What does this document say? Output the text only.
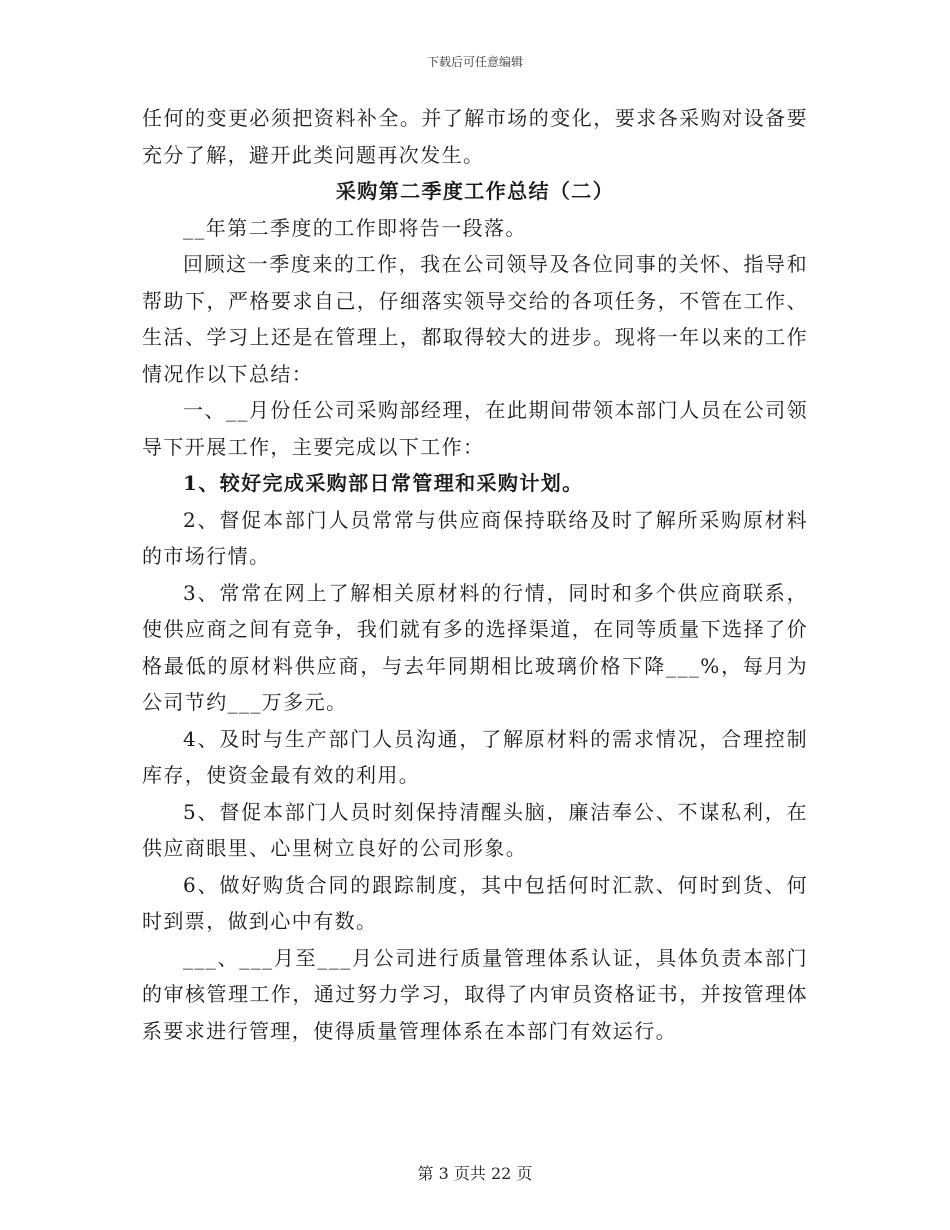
下载后可任意编辑

任何的变更必须把资料补全。并了解市场的变化，要求各采购对设备要充分了解，避开此类问题再次发生。

采购第二季度工作总结（二）

__年第二季度的工作即将告一段落。

回顾这一季度来的工作，我在公司领导及各位同事的关怀、指导和帮助下，严格要求自己，仔细落实领导交给的各项任务，不管在工作、生活、学习上还是在管理上，都取得较大的进步。现将一年以来的工作情况作以下总结：

一、__月份任公司采购部经理，在此期间带领本部门人员在公司领导下开展工作，主要完成以下工作：

1、较好完成采购部日常管理和采购计划。

2、督促本部门人员常常与供应商保持联络及时了解所采购原材料的市场行情。

3、常常在网上了解相关原材料的行情，同时和多个供应商联系，使供应商之间有竞争，我们就有多的选择渠道，在同等质量下选择了价格最低的原材料供应商，与去年同期相比玻璃价格下降___%，每月为公司节约___万多元。

4、及时与生产部门人员沟通，了解原材料的需求情况，合理控制库存，使资金最有效的利用。

5、督促本部门人员时刻保持清醒头脑，廉洁奉公、不谋私利，在供应商眼里、心里树立良好的公司形象。

6、做好购货合同的跟踪制度，其中包括何时汇款、何时到货、何时到票，做到心中有数。

___、___月至___月公司进行质量管理体系认证，具体负责本部门的审核管理工作，通过努力学习，取得了内审员资格证书，并按管理体系要求进行管理，使得质量管理体系在本部门有效运行。

第 3 页共 22 页
